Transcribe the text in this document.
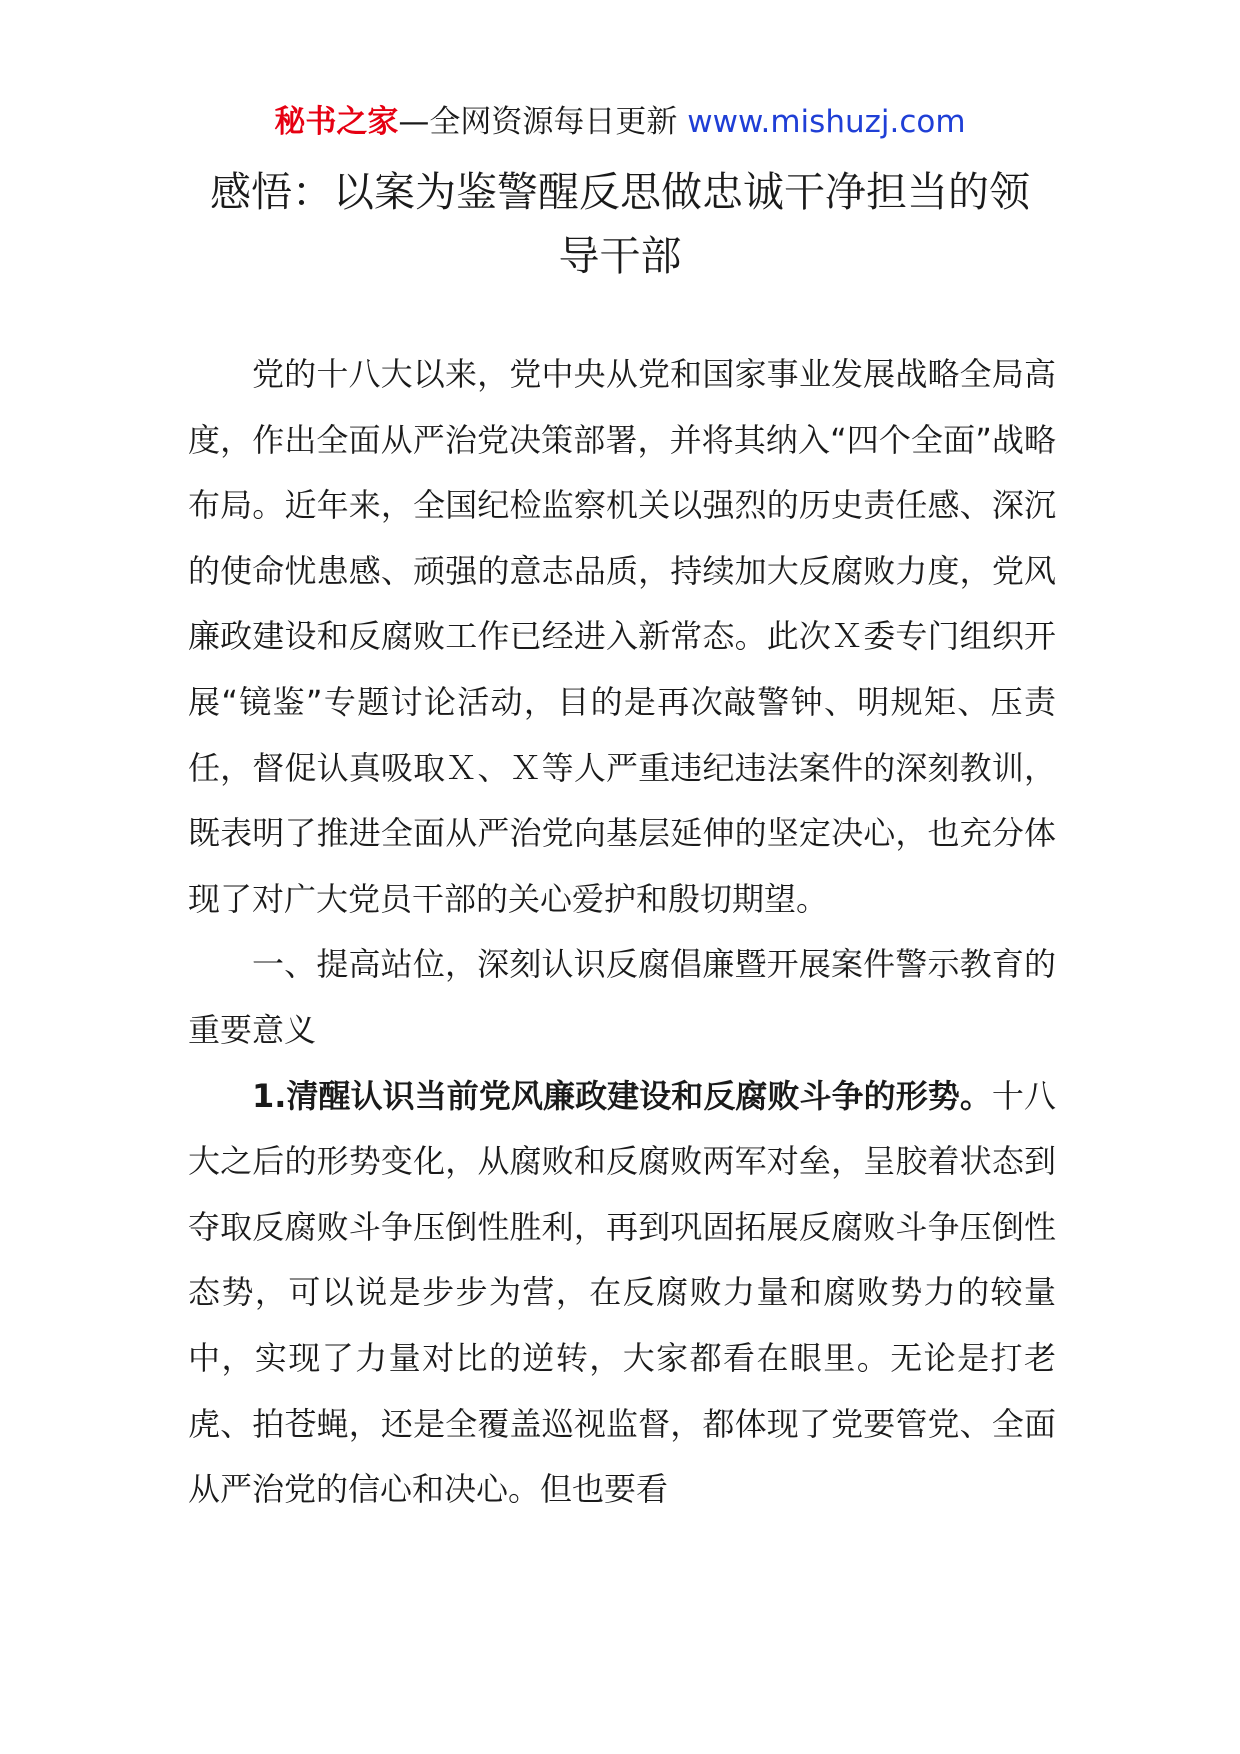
秘书之家—全网资源每日更新 www.mishuzj.com
感悟：以案为鉴警醒反思做忠诚干净担当的领导干部

党的十八大以来，党中央从党和国家事业发展战略全局高度，作出全面从严治党决策部署，并将其纳入“四个全面”战略布局。近年来，全国纪检监察机关以强烈的历史责任感、深沉的使命忧患感、顽强的意志品质，持续加大反腐败力度，党风廉政建设和反腐败工作已经进入新常态。此次Ｘ委专门组织开展“镜鉴”专题讨论活动，目的是再次敲警钟、明规矩、压责任，督促认真吸取Ｘ、Ｘ等人严重违纪违法案件的深刻教训，既表明了推进全面从严治党向基层延伸的坚定决心，也充分体现了对广大党员干部的关心爱护和殷切期望。

一、提高站位，深刻认识反腐倡廉暨开展案件警示教育的重要意义

1.清醒认识当前党风廉政建设和反腐败斗争的形势。十八大之后的形势变化，从腐败和反腐败两军对垒，呈胶着状态到夺取反腐败斗争压倒性胜利，再到巩固拓展反腐败斗争压倒性态势，可以说是步步为营，在反腐败力量和腐败势力的较量中，实现了力量对比的逆转，大家都看在眼里。无论是打老虎、拍苍蝇，还是全覆盖巡视监督，都体现了党要管党、全面从严治党的信心和决心。但也要看
